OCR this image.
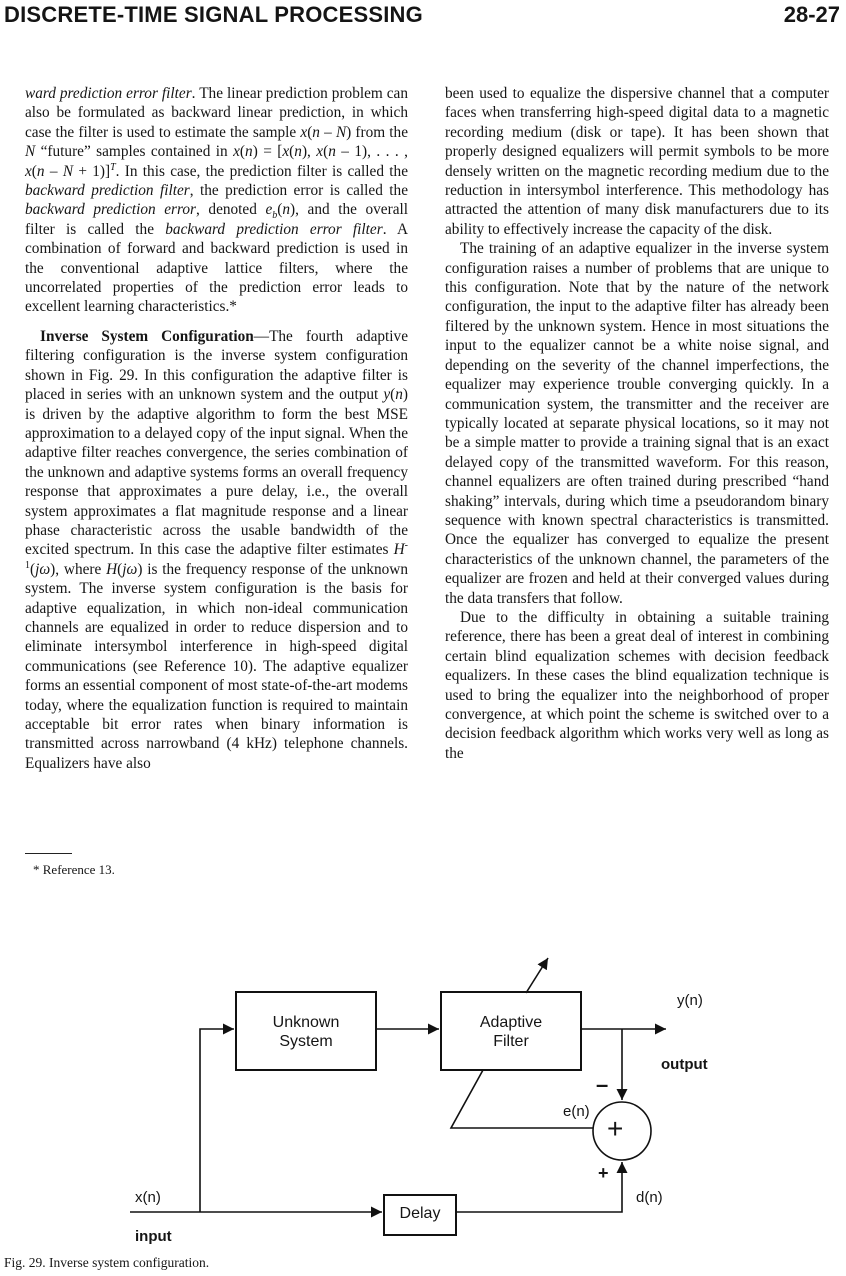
DISCRETE-TIME SIGNAL PROCESSING	28-27

ward prediction error filter. The linear prediction problem can also be formulated as backward linear prediction, in which case the filter is used to estimate the sample x(n – N) from the N “future” samples contained in x(n) = [x(n), x(n – 1), . . . , x(n – N + 1)]$^T$. In this case, the prediction filter is called the backward prediction filter, the prediction error is called the backward prediction error, denoted $e_b(n)$, and the overall filter is called the backward prediction error filter. A combination of forward and backward prediction is used in the conventional adaptive lattice filters, where the uncorrelated properties of the prediction error leads to excellent learning characteristics.*

Inverse System Configuration—The fourth adaptive filtering configuration is the inverse system configuration shown in Fig. 29. In this configuration the adaptive filter is placed in series with an unknown system and the output y(n) is driven by the adaptive algorithm to form the best MSE approximation to a delayed copy of the input signal. When the adaptive filter reaches convergence, the series combination of the unknown and adaptive systems forms an overall frequency response that approximates a pure delay, i.e., the overall system approximates a flat magnitude response and a linear phase characteristic across the usable bandwidth of the excited spectrum. In this case the adaptive filter estimates $H^{-1}(j\omega)$, where H(jω) is the frequency response of the unknown system. The inverse system configuration is the basis for adaptive equalization, in which non-ideal communication channels are equalized in order to reduce dispersion and to eliminate intersymbol interference in high-speed digital communications (see Reference 10). The adaptive equalizer forms an essential component of most state-of-the-art modems today, where the equalization function is required to maintain acceptable bit error rates when binary information is transmitted across narrowband (4 kHz) telephone channels. Equalizers have also

been used to equalize the dispersive channel that a computer faces when transferring high-speed digital data to a magnetic recording medium (disk or tape). It has been shown that properly designed equalizers will permit symbols to be more densely written on the magnetic recording medium due to the reduction in intersymbol interference. This methodology has attracted the attention of many disk manufacturers due to its ability to effectively increase the capacity of the disk.

The training of an adaptive equalizer in the inverse system configuration raises a number of problems that are unique to this configuration. Note that by the nature of the network configuration, the input to the adaptive filter has already been filtered by the unknown system. Hence in most situations the input to the equalizer cannot be a white noise signal, and depending on the severity of the channel imperfections, the equalizer may experience trouble converging quickly. In a communication system, the transmitter and the receiver are typically located at separate physical locations, so it may not be a simple matter to provide a training signal that is an exact delayed copy of the transmitted waveform. For this reason, channel equalizers are often trained during prescribed “hand shaking” intervals, during which time a pseudorandom binary sequence with known spectral characteristics is transmitted. Once the equalizer has converged to equalize the present characteristics of the unknown channel, the parameters of the equalizer are frozen and held at their converged values during the data transfers that follow.

Due to the difficulty in obtaining a suitable training reference, there has been a great deal of interest in combining certain blind equalization schemes with decision feedback equalizers. In these cases the blind equalization technique is used to bring the equalizer into the neighborhood of proper convergence, at which point the scheme is switched over to a decision feedback algorithm which works very well as long as the

* Reference 13.
Unknown
System
Adaptive
Filter
Delay
y(n)
output
e(n)
–
+
+
x(n)
input
d(n)
Fig. 29. Inverse system configuration.
